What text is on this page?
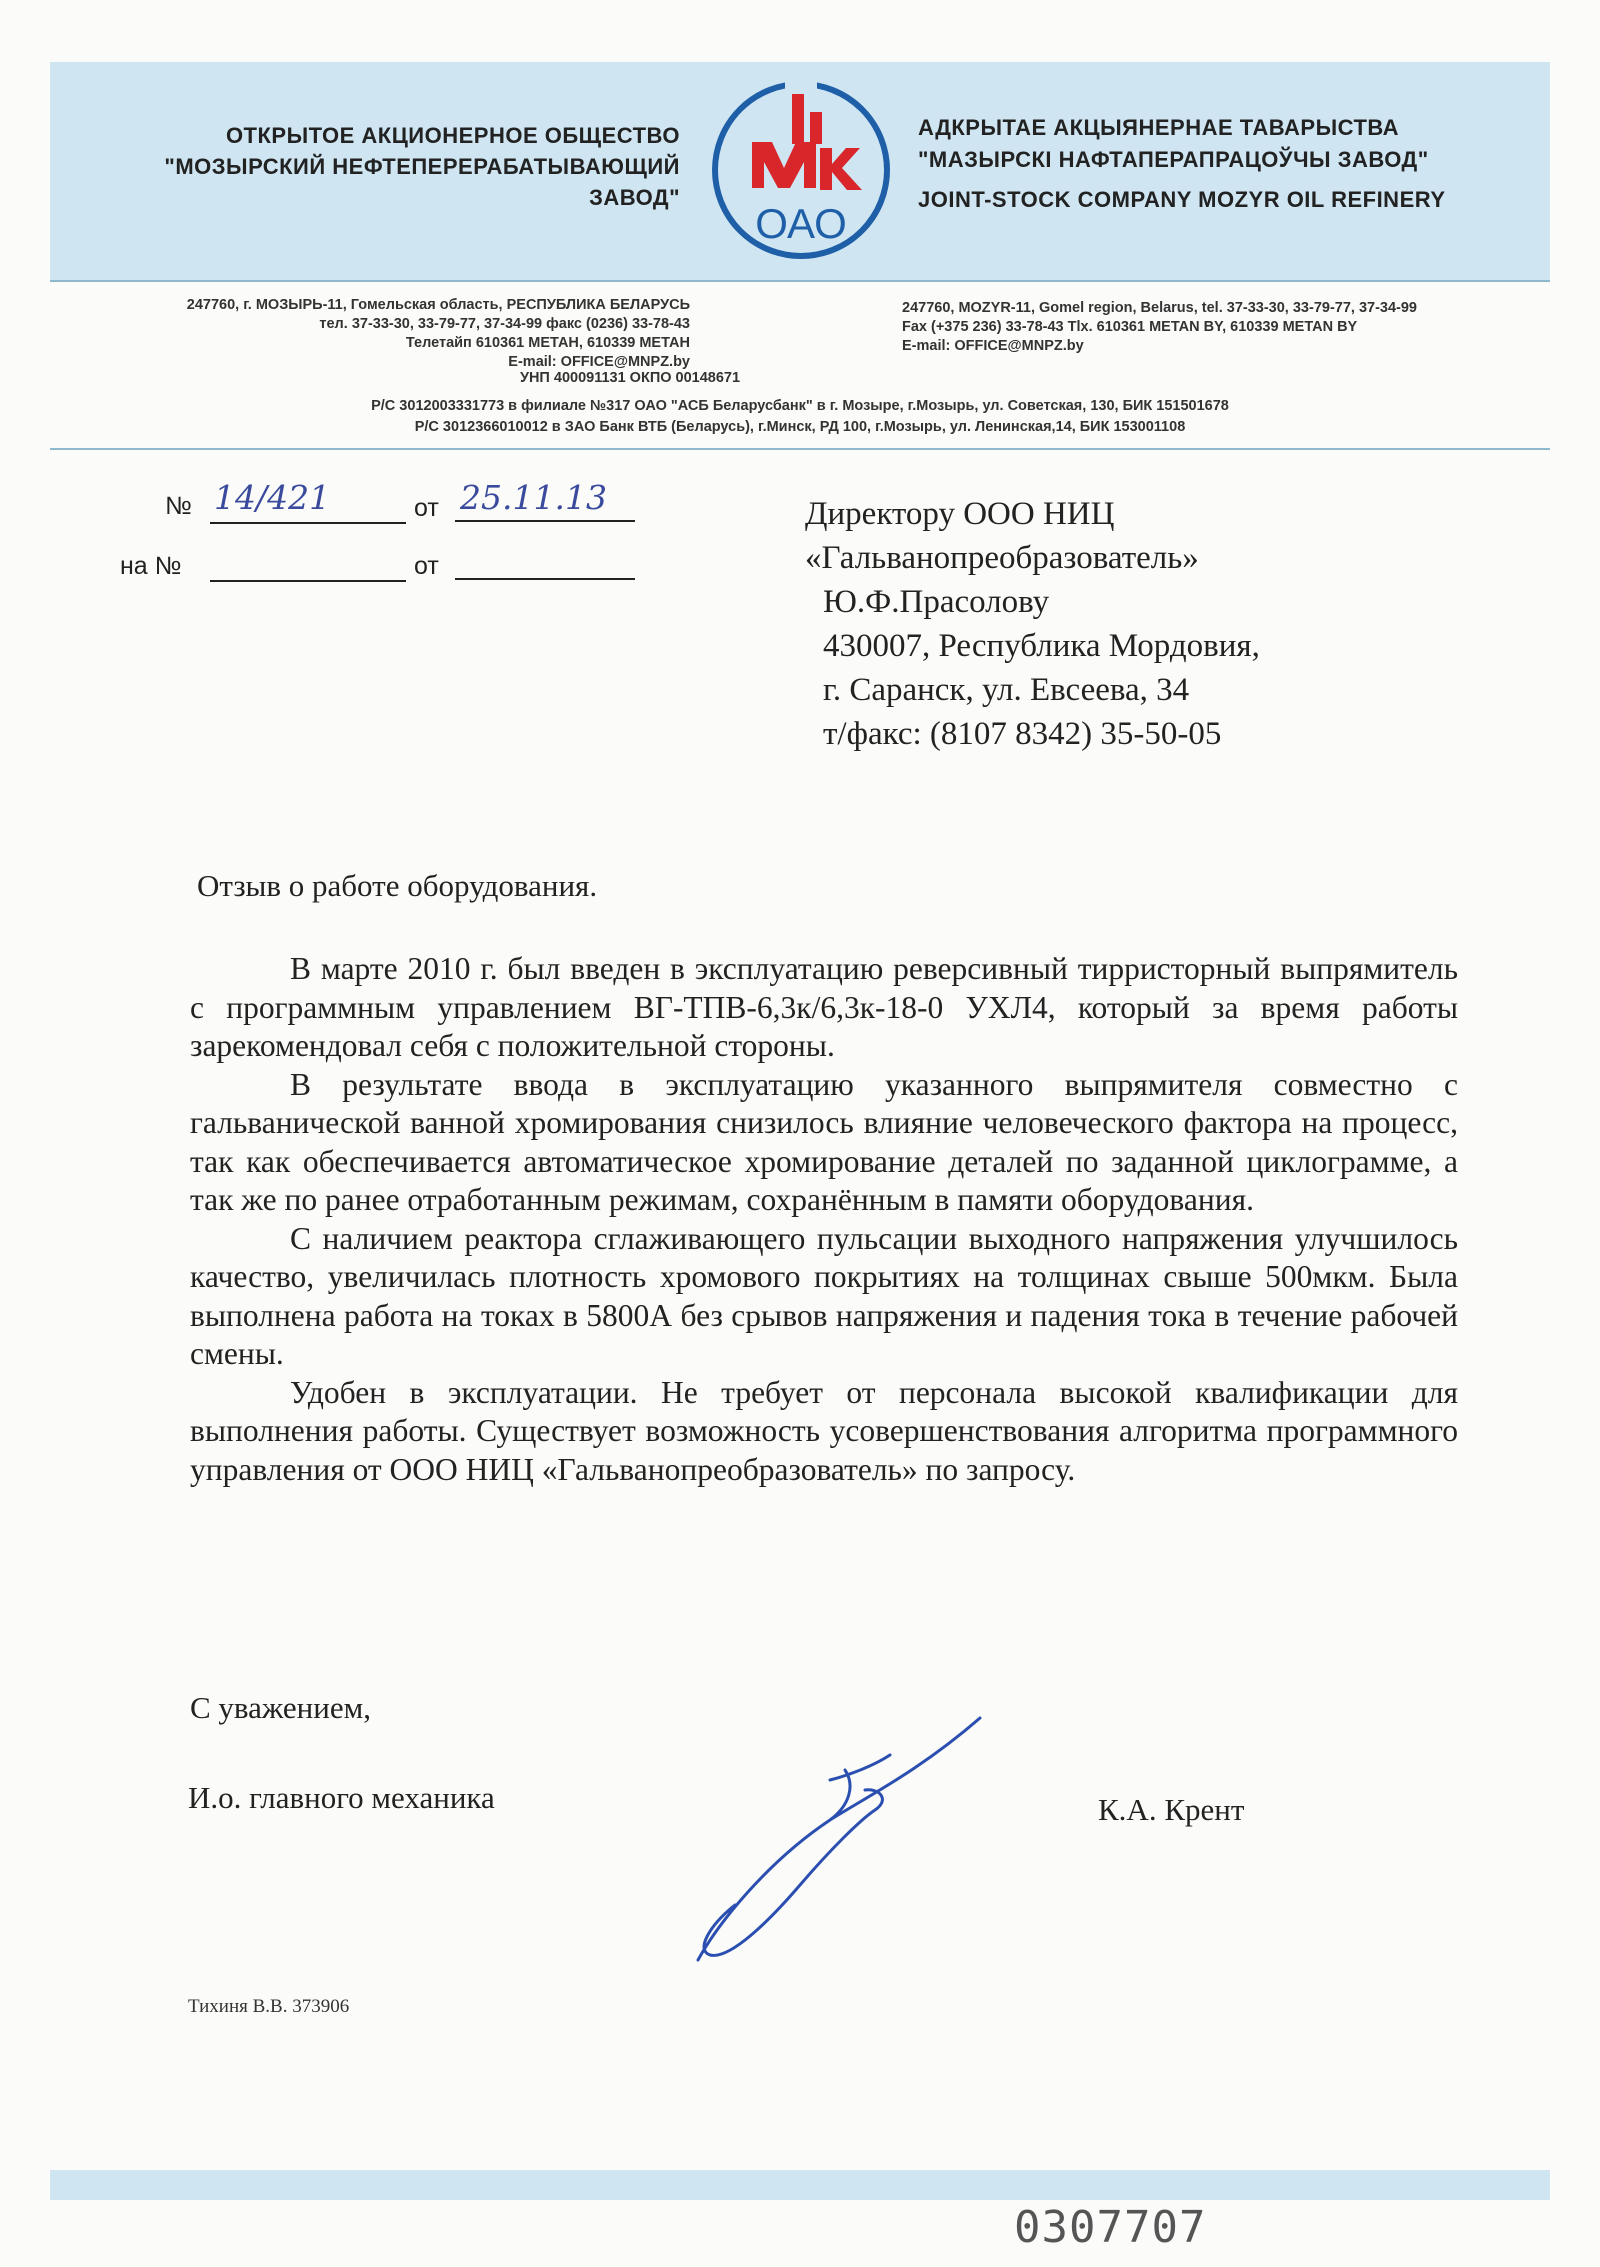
ОТКРЫТОЕ АКЦИОНЕРНОЕ ОБЩЕСТВО
"МОЗЫРСКИЙ НЕФТЕПЕРЕРАБАТЫВАЮЩИЙ
ЗАВОД"
ОАО
АДКРЫТАЕ АКЦЫЯНЕРНАЕ ТАВАРЫСТВА
"МАЗЫРСКI НАФТАПЕРАПРАЦОЎЧЫ ЗАВОД"
JOINT-STOCK COMPANY MOZYR OIL REFINERY
247760, г. МОЗЫРЬ-11, Гомельская область, РЕСПУБЛИКА БЕЛАРУСЬ
тел. 37-33-30, 33-79-77, 37-34-99 факс (0236) 33-78-43
Телетайп 610361 МЕТАН, 610339 МЕТАН
E-mail: OFFICE@MNPZ.by
247760, MOZYR-11, Gomel region, Belarus, tel. 37-33-30, 33-79-77, 37-34-99
Fax (+375 236) 33-78-43 Tlx. 610361 METAN BY, 610339 METAN BY
E-mail: OFFICE@MNPZ.by
УНП 400091131 ОКПО 00148671
Р/С 3012003331773 в филиале №317 ОАО "АСБ Беларусбанк" в г. Мозыре, г.Мозырь, ул. Советская, 130, БИК 151501678
Р/С 3012366010012 в ЗАО Банк ВТБ (Беларусь), г.Минск, РД 100, г.Мозырь, ул. Ленинская,14, БИК 153001108
№ 14/421	от 25.11.13
на №	от
Директору ООО НИЦ
«Гальванопреобразователь»
Ю.Ф.Прасолову
430007, Республика Мордовия,
г. Саранск, ул. Евсеева, 34
т/факс: (8107 8342) 35-50-05
Отзыв о работе оборудования.

В марте 2010 г. был введен в эксплуатацию реверсивный тирристорный выпрямитель с программным управлением ВГ-ТПВ-6,3к/6,3к-18-0 УХЛ4, который за время работы зарекомендовал себя с положительной стороны.

В результате ввода в эксплуатацию указанного выпрямителя совместно с гальванической ванной хромирования снизилось влияние человеческого фактора на процесс, так как обеспечивается автоматическое хромирование деталей по заданной циклограмме, а так же по ранее отработанным режимам, сохранённым в памяти оборудования.

С наличием реактора сглаживающего пульсации выходного напряжения улучшилось качество, увеличилась плотность хромового покрытиях на толщинах свыше 500мкм. Была выполнена работа на токах в 5800А без срывов напряжения и падения тока в течение рабочей смены.

Удобен в эксплуатации. Не требует от персонала высокой квалификации для выполнения работы. Существует возможность усовершенствования алгоритма программного управления от ООО НИЦ «Гальванопреобразователь» по запросу.

С уважением,
И.о. главного механика	К.А. Крент
Тихиня В.В. 373906
0307707
